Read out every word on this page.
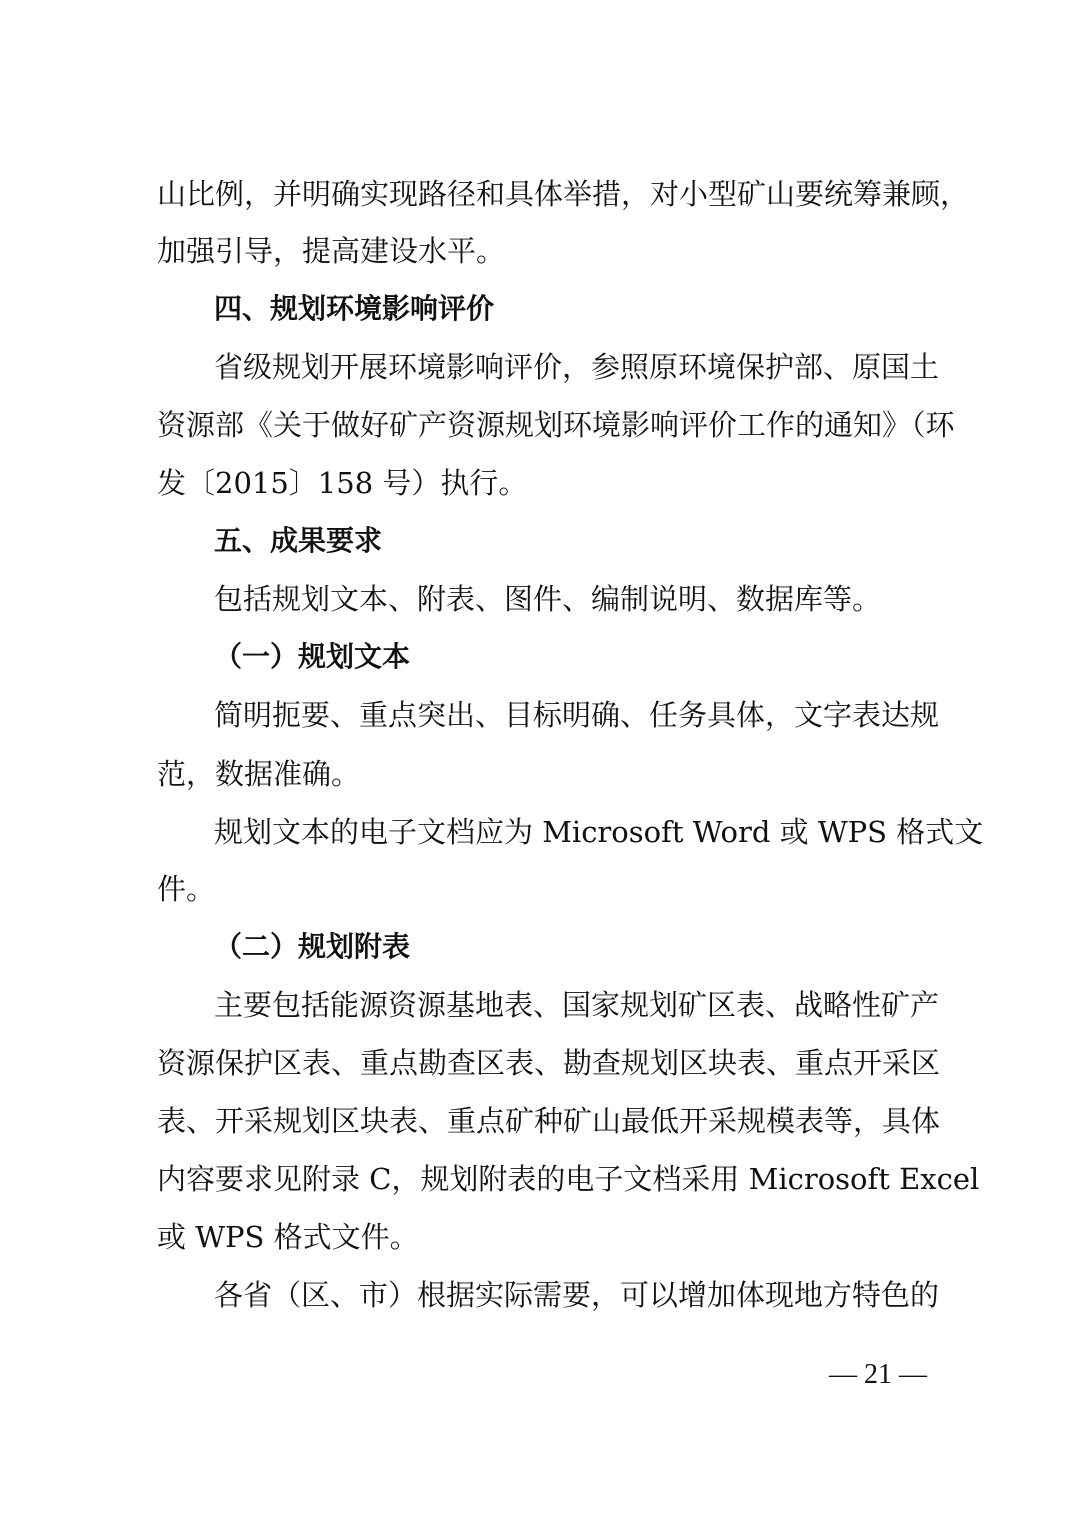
山比例，并明确实现路径和具体举措，对小型矿山要统筹兼顾，

加强引导，提高建设水平。

四、规划环境影响评价

省级规划开展环境影响评价，参照原环境保护部、原国土

资源部《关于做好矿产资源规划环境影响评价工作的通知》（环

发〔2015〕158 号）执行。

五、成果要求

包括规划文本、附表、图件、编制说明、数据库等。

（一）规划文本

简明扼要、重点突出、目标明确、任务具体，文字表达规

范，数据准确。

规划文本的电子文档应为 Microsoft Word 或 WPS 格式文

件。

（二）规划附表

主要包括能源资源基地表、国家规划矿区表、战略性矿产

资源保护区表、重点勘查区表、勘查规划区块表、重点开采区

表、开采规划区块表、重点矿种矿山最低开采规模表等，具体

内容要求见附录 C，规划附表的电子文档采用 Microsoft Excel

或 WPS 格式文件。

各省（区、市）根据实际需要，可以增加体现地方特色的

— 21 —
